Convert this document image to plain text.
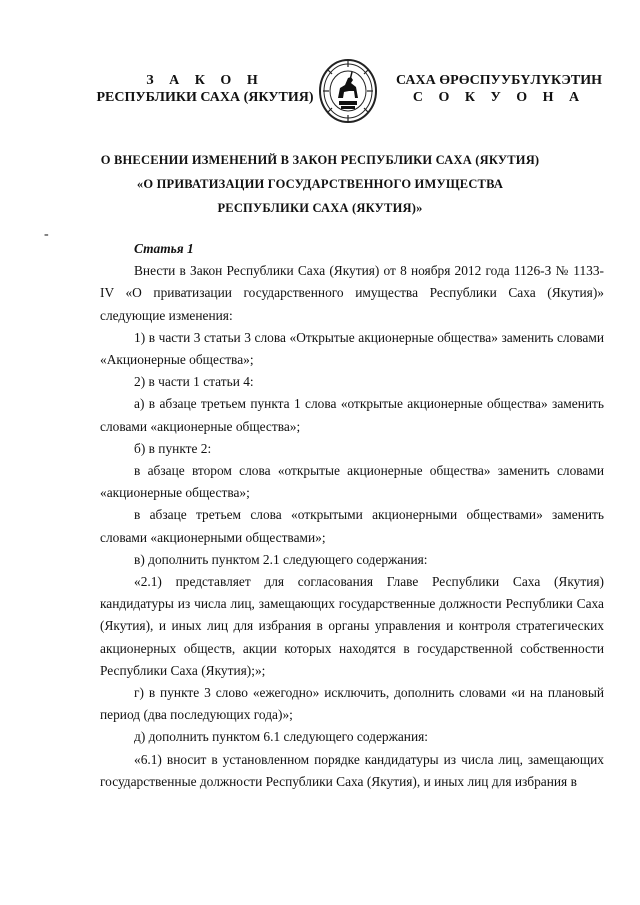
З А К О Н
РЕСПУБЛИКИ САХА (ЯКУТИЯ)
САХА ӨРӨСПУУБҮЛҮКЭТИН
С О К У О Н А
О ВНЕСЕНИИ ИЗМЕНЕНИЙ В ЗАКОН РЕСПУБЛИКИ САХА (ЯКУТИЯ)
«О ПРИВАТИЗАЦИИ ГОСУДАРСТВЕННОГО ИМУЩЕСТВА
РЕСПУБЛИКИ САХА (ЯКУТИЯ)»
-

Статья 1

Внести в Закон Республики Саха (Якутия) от 8 ноября 2012 года 1126-З № 1133-IV «О приватизации государственного имущества Республики Саха (Якутия)» следующие изменения:

1) в части 3 статьи 3 слова «Открытые акционерные общества» заменить словами «Акционерные общества»;

2) в части 1 статьи 4:

а) в абзаце третьем пункта 1 слова «открытые акционерные общества» заменить словами «акционерные общества»;

б) в пункте 2:

в абзаце втором слова «открытые акционерные общества» заменить словами «акционерные общества»;

в абзаце третьем слова «открытыми акционерными обществами» заменить словами «акционерными обществами»;

в) дополнить пунктом 2.1 следующего содержания:

«2.1) представляет для согласования Главе Республики Саха (Якутия) кандидатуры из числа лиц, замещающих государственные должности Республики Саха (Якутия), и иных лиц для избрания в органы управления и контроля стратегических акционерных обществ, акции которых находятся в государственной собственности Республики Саха (Якутия);»;

г) в пункте 3 слово «ежегодно» исключить, дополнить словами «и на плановый период (два последующих года)»;

д) дополнить пунктом 6.1 следующего содержания:

«6.1) вносит в установленном порядке кандидатуры из числа лиц, замещающих государственные должности Республики Саха (Якутия), и иных лиц для избрания в
